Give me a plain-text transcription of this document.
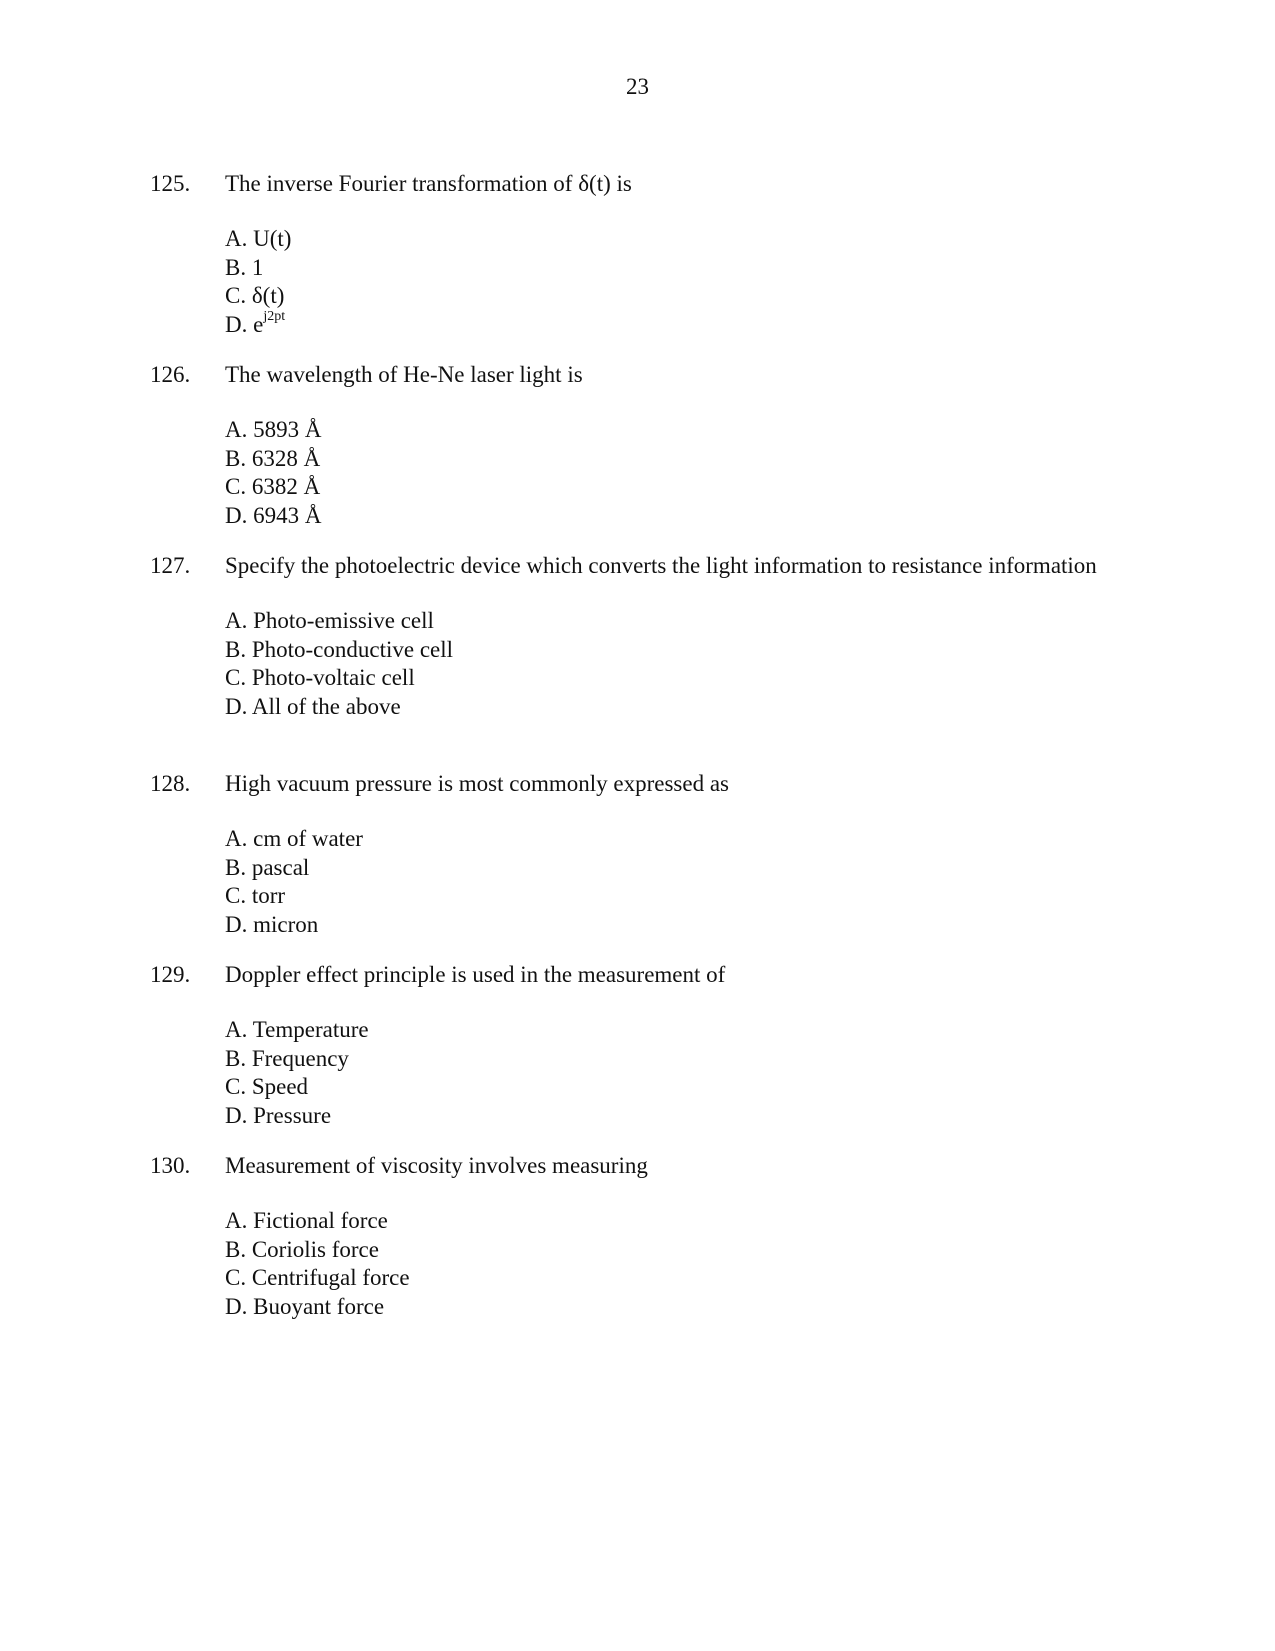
23
125.	The inverse Fourier transformation of δ(t) is
A. U(t)
B. 1
C. δ(t)
D. $e^{j2pt}$
126.	The wavelength of He-Ne laser light is
A. 5893 Å
B. 6328 Å
C. 6382 Å
D. 6943 Å
127.	Specify the photoelectric device which converts the light information to resistance information
A. Photo-emissive cell
B. Photo-conductive cell
C. Photo-voltaic cell
D. All of the above
128.	High vacuum pressure is most commonly expressed as
A. cm of water
B. pascal
C. torr
D. micron
129.	Doppler effect principle is used in the measurement of
A. Temperature
B. Frequency
C. Speed
D. Pressure
130.	Measurement of viscosity involves measuring
A. Fictional force
B. Coriolis force
C. Centrifugal force
D. Buoyant force
